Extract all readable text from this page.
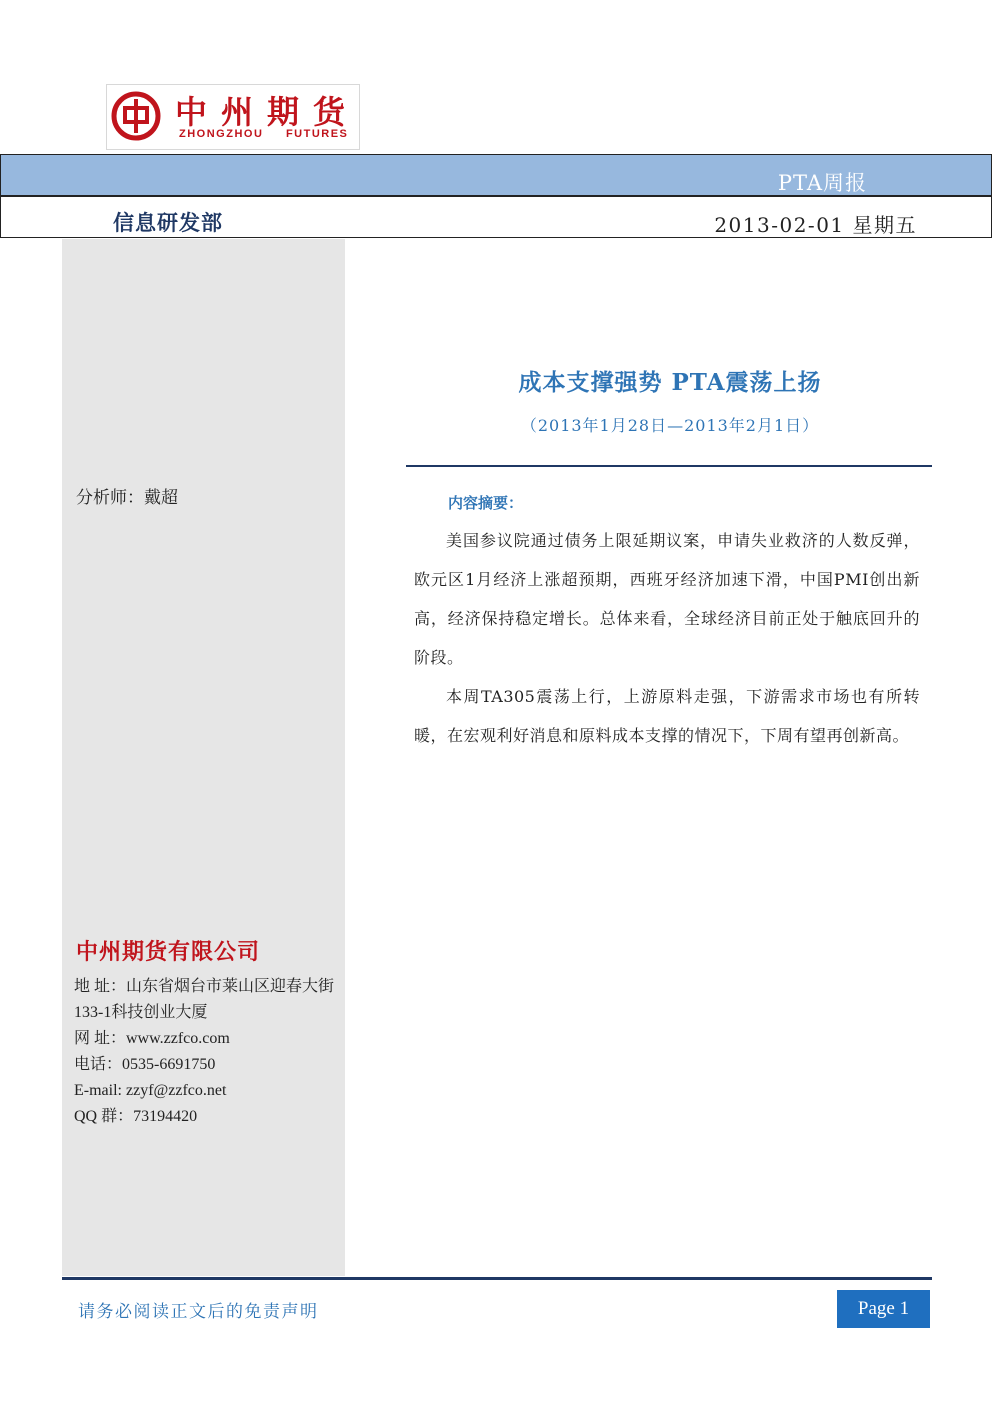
中州期货
ZHONGZHOU FUTURES
PTA周报
信息研发部	2013-02-01 星期五
分析师：戴超
中州期货有限公司
地 址：山东省烟台市莱山区迎春大街133-1科技创业大厦
网 址：www.zzfco.com
电话：0535-6691750
E-mail: zzyf@zzfco.net
QQ 群：73194420
成本支撑强势 PTA震荡上扬
（2013年1月28日—2013年2月1日）
内容摘要：
美国参议院通过债务上限延期议案，申请失业救济的人数反弹，欧元区1月经济上涨超预期，西班牙经济加速下滑，中国PMI创出新高，经济保持稳定增长。总体来看，全球经济目前正处于触底回升的阶段。
本周TA305震荡上行，上游原料走强，下游需求市场也有所转暖，在宏观利好消息和原料成本支撑的情况下，下周有望再创新高。
请务必阅读正文后的免责声明	Page 1
